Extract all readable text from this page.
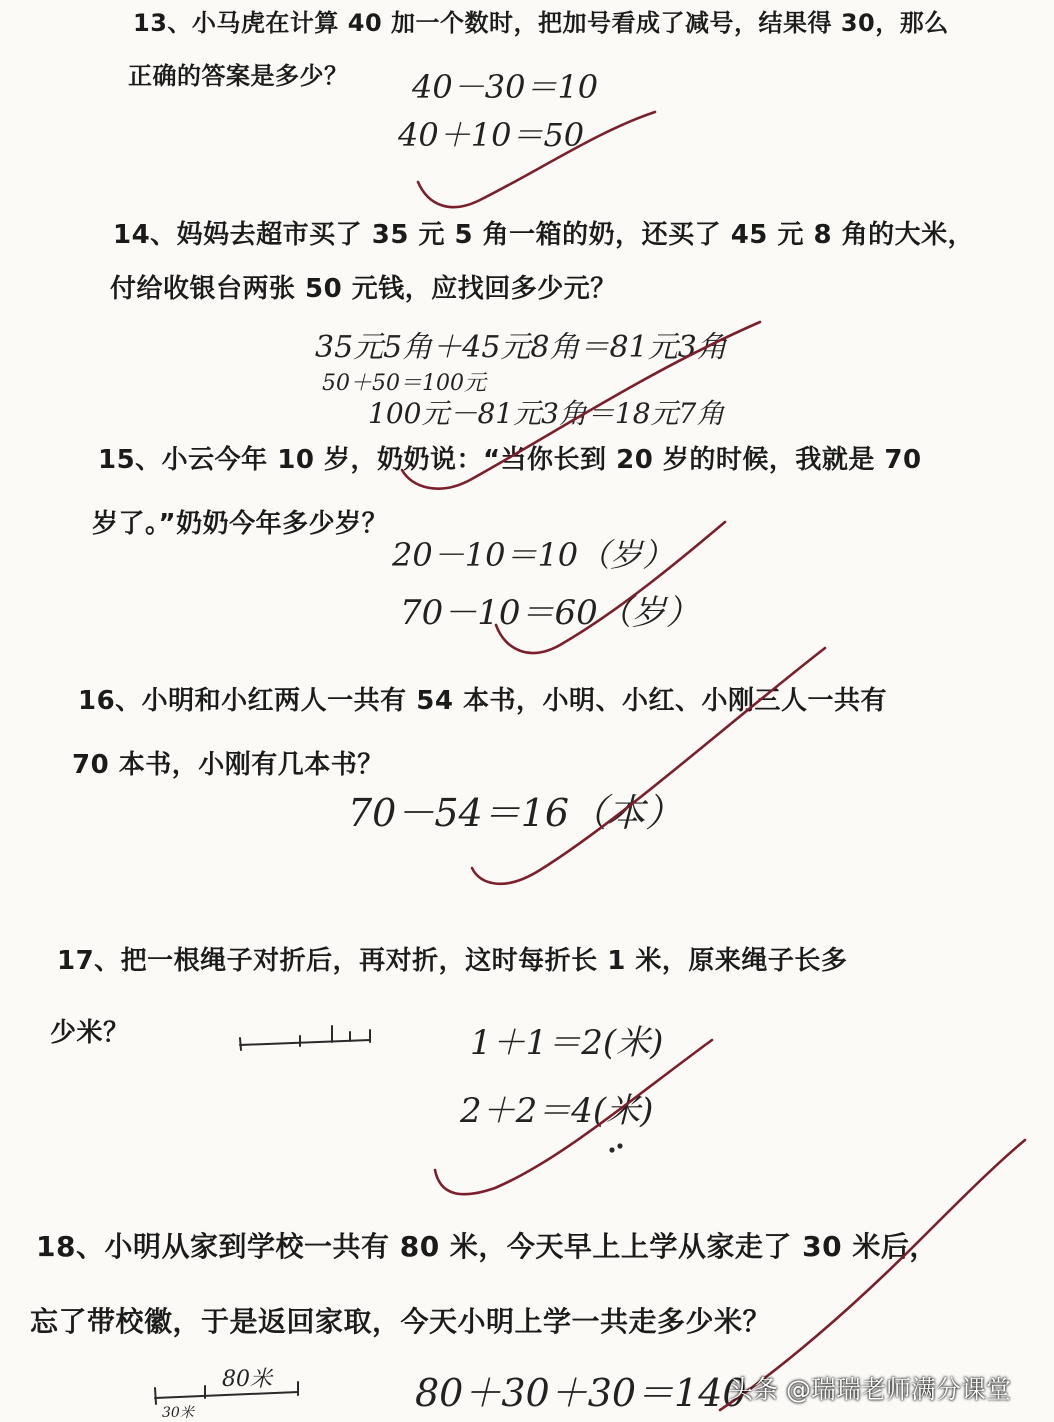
13、小马虎在计算 40 加一个数时，把加号看成了减号，结果得 30，那么
正确的答案是多少？ 40－30＝10
40＋10＝50
14、妈妈去超市买了 35 元 5 角一箱的奶，还买了 45 元 8 角的大米，
付给收银台两张 50 元钱，应找回多少元？
35元5角＋45元8角＝81元3角
50＋50＝100元
100元－81元3角＝18元7角
15、小云今年 10 岁，奶奶说：“当你长到 20 岁的时候，我就是 70
岁了。”奶奶今年多少岁？
20－10＝10（岁）
70－10＝60（岁）
16、小明和小红两人一共有 54 本书，小明、小红、小刚三人一共有
70 本书，小刚有几本书？
70－54＝16（本）
17、把一根绳子对折后，再对折，这时每折长 1 米，原来绳子长多
少米？	1＋1＝2(米)
2＋2＝4(米)
18、小明从家到学校一共有 80 米，今天早上上学从家走了 30 米后，
忘了带校徽，于是返回家取，今天小明上学一共走多少米？
80米
30米	80＋30＋30＝140
头条 @瑞瑞老师满分课堂
